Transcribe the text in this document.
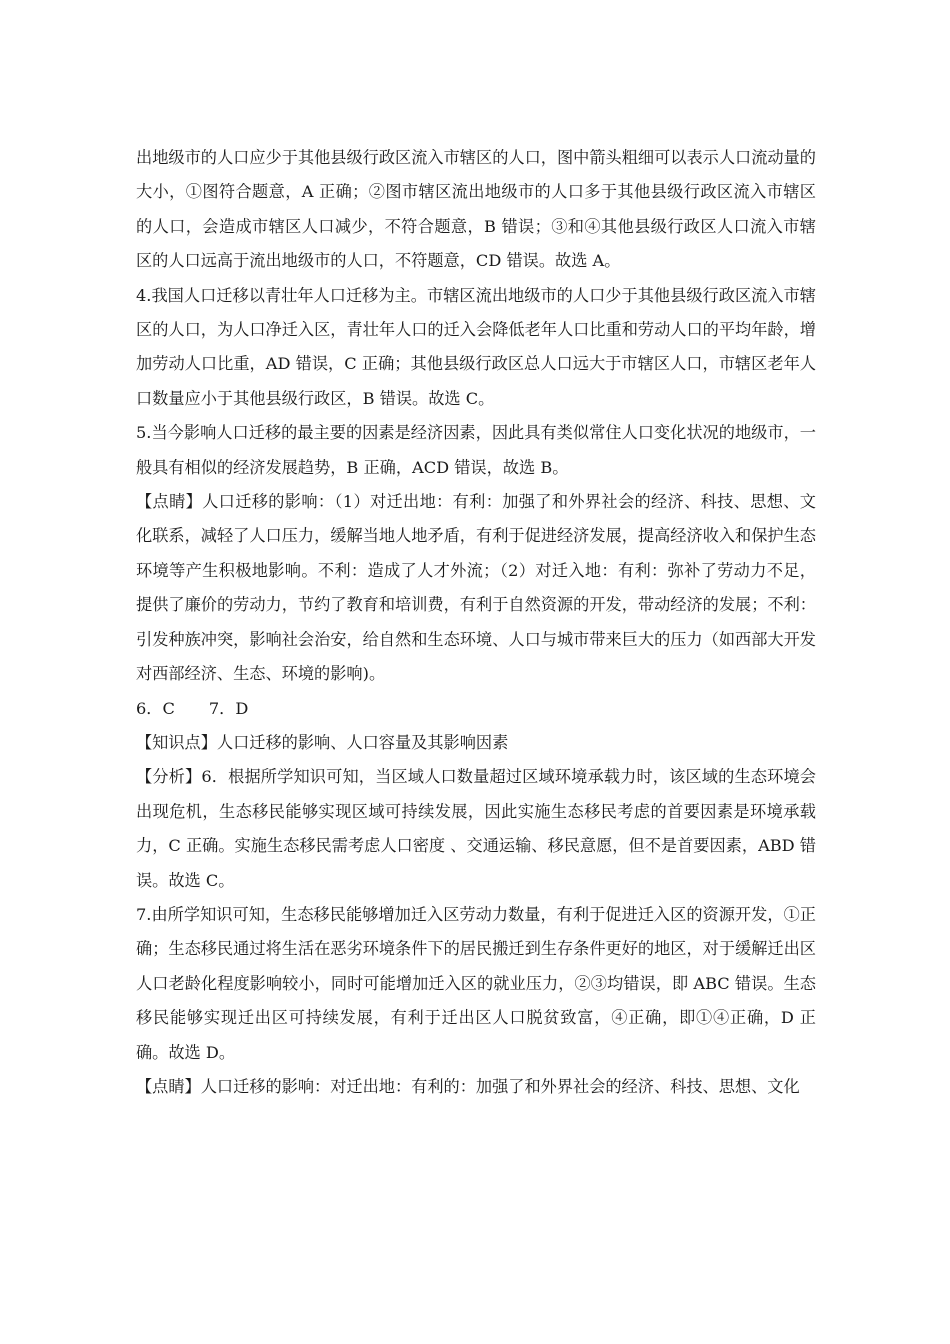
出地级市的人口应少于其他县级行政区流入市辖区的人口，图中箭头粗细可以表示人口流动量的大小，①图符合题意，A 正确；②图市辖区流出地级市的人口多于其他县级行政区流入市辖区的人口，会造成市辖区人口减少，不符合题意，B 错误；③和④其他县级行政区人口流入市辖区的人口远高于流出地级市的人口，不符题意，CD 错误。故选 A。

4.我国人口迁移以青壮年人口迁移为主。市辖区流出地级市的人口少于其他县级行政区流入市辖区的人口，为人口净迁入区，青壮年人口的迁入会降低老年人口比重和劳动人口的平均年龄，增加劳动人口比重，AD 错误，C 正确；其他县级行政区总人口远大于市辖区人口，市辖区老年人口数量应小于其他县级行政区，B 错误。故选 C。

5.当今影响人口迁移的最主要的因素是经济因素，因此具有类似常住人口变化状况的地级市，一般具有相似的经济发展趋势，B 正确，ACD 错误，故选 B。

【点睛】人口迁移的影响：（1）对迁出地：有利：加强了和外界社会的经济、科技、思想、文化联系，减轻了人口压力，缓解当地人地矛盾，有利于促进经济发展，提高经济收入和保护生态环境等产生积极地影响。不利：造成了人才外流；（2）对迁入地：有利：弥补了劳动力不足，提供了廉价的劳动力，节约了教育和培训费，有利于自然资源的开发，带动经济的发展；不利：引发种族冲突，影响社会治安，给自然和生态环境、人口与城市带来巨大的压力（如西部大开发对西部经济、生态、环境的影响)。

6．C 7．D

【知识点】人口迁移的影响、人口容量及其影响因素

【分析】6．根据所学知识可知，当区域人口数量超过区域环境承载力时，该区域的生态环境会出现危机，生态移民能够实现区域可持续发展，因此实施生态移民考虑的首要因素是环境承载力，C 正确。实施生态移民需考虑人口密度 、交通运输、移民意愿，但不是首要因素，ABD 错误。故选 C。

7.由所学知识可知，生态移民能够增加迁入区劳动力数量，有利于促进迁入区的资源开发，①正确；生态移民通过将生活在恶劣环境条件下的居民搬迁到生存条件更好的地区，对于缓解迁出区人口老龄化程度影响较小，同时可能增加迁入区的就业压力，②③均错误，即 ABC 错误。生态移民能够实现迁出区可持续发展，有利于迁出区人口脱贫致富，④正确，即①④正确，D 正确。故选 D。

【点睛】人口迁移的影响：对迁出地：有利的：加强了和外界社会的经济、科技、思想、文化
